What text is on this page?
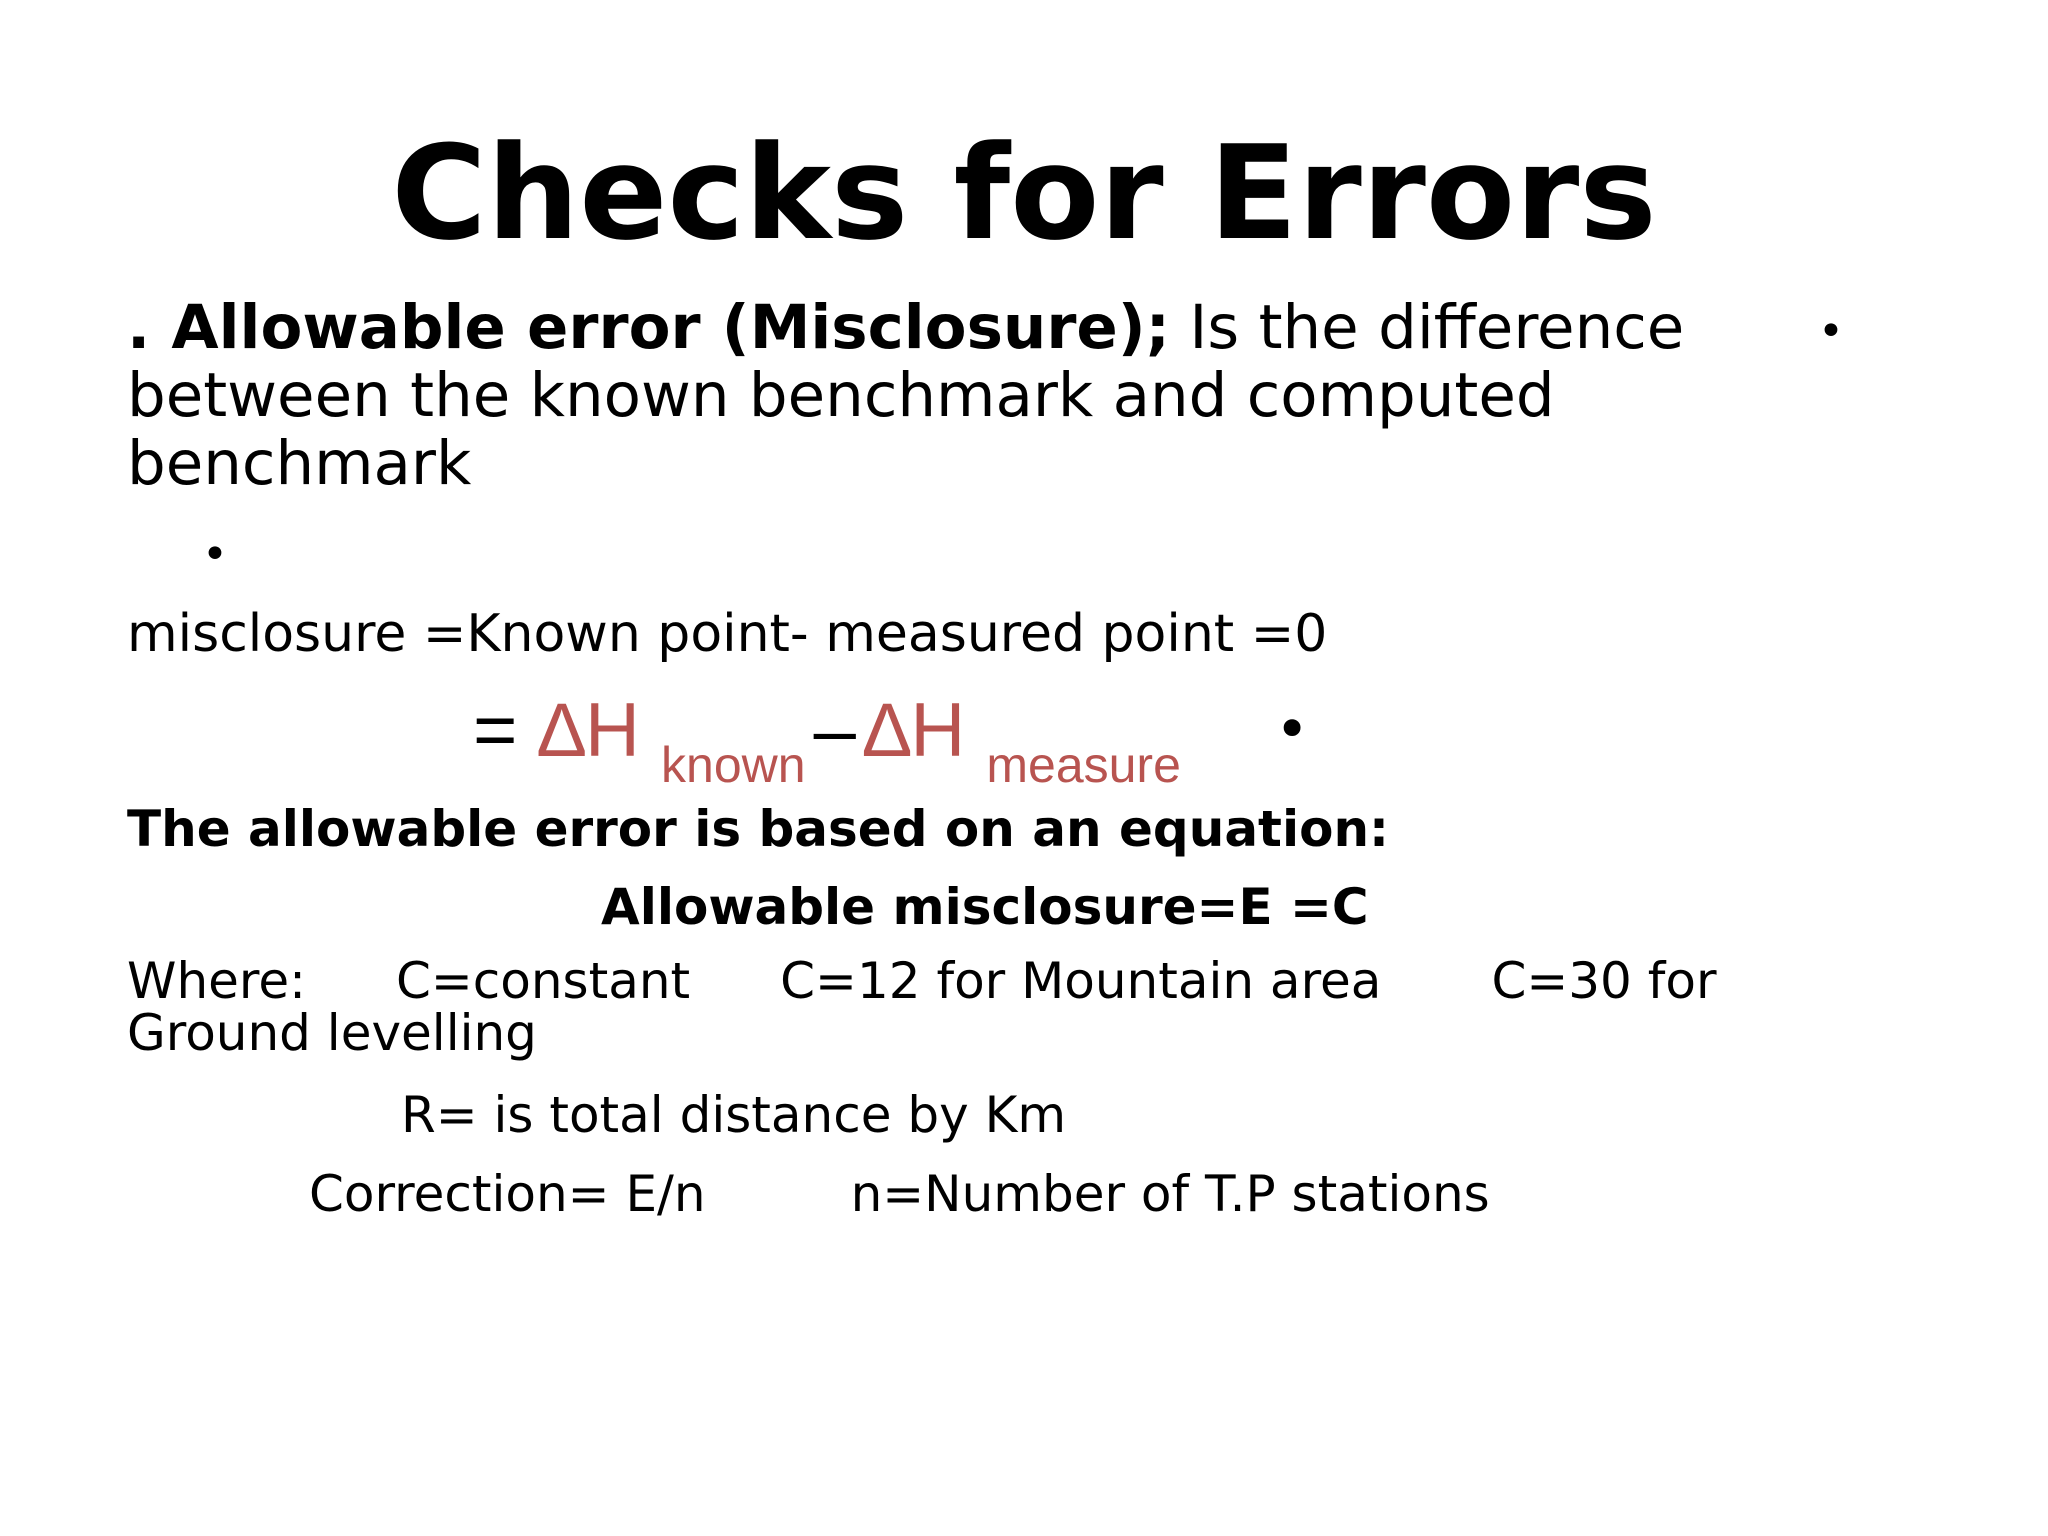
Checks for Errors
. Allowable error (Misclosure); Is the difference between the known benchmark and computed benchmark
•
•
misclosure =Known point- measured point =0
= ∆H $_{known}$ – ∆H $_{measure}$
•
The allowable error is based on an equation:
Allowable misclosure=E =C
Where: C=constant C=12 for Mountain area C=30 for Ground levelling
R= is total distance by Km
Correction= E/n	n=Number of T.P stations
